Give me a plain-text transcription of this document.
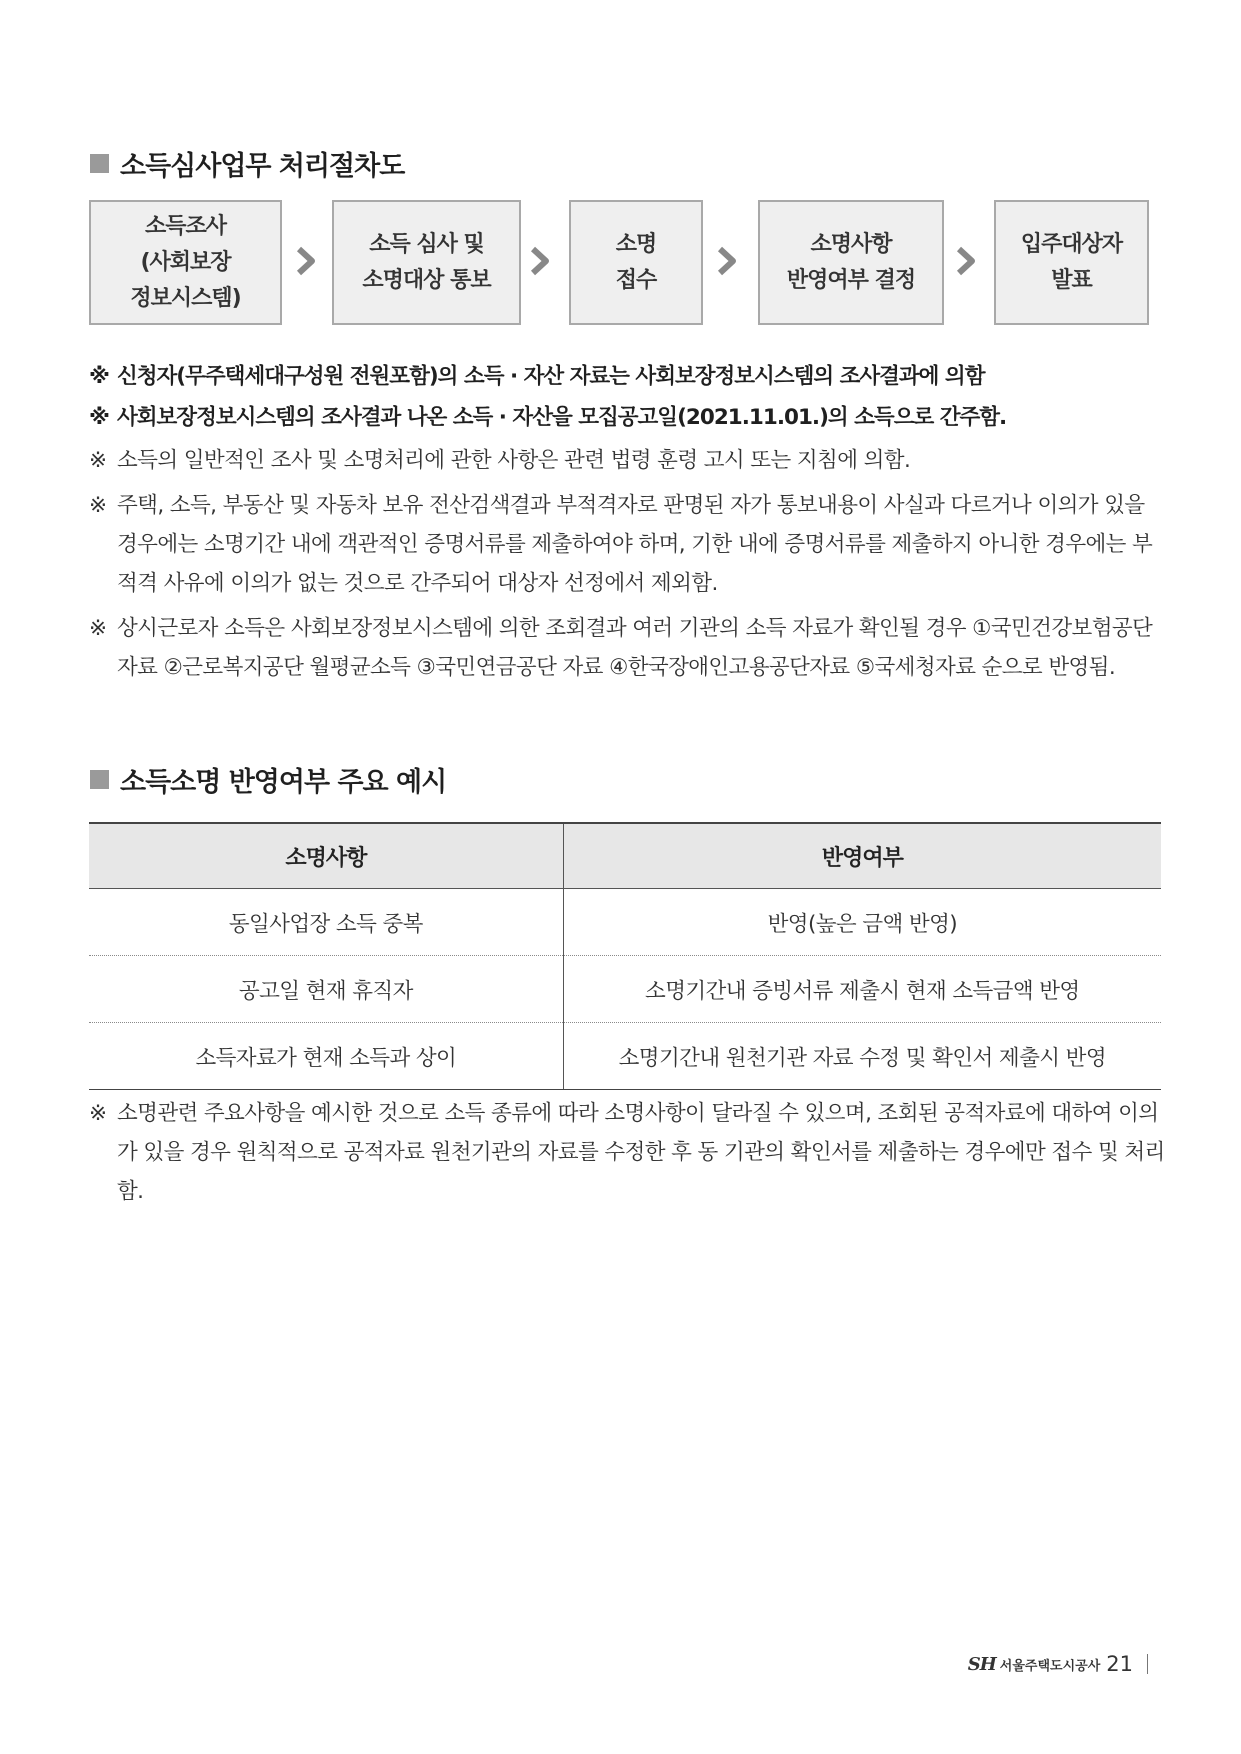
소득심사업무 처리절차도
소득조사
(사회보장
정보시스템)
소득 심사 및
소명대상 통보
소명
접수
소명사항
반영여부 결정
입주대상자
발표

※ 신청자(무주택세대구성원 전원포함)의 소득 · 자산 자료는 사회보장정보시스템의 조사결과에 의함

※ 사회보장정보시스템의 조사결과 나온 소득 · 자산을 모집공고일(2021.11.01.)의 소득으로 간주함.

※ 소득의 일반적인 조사 및 소명처리에 관한 사항은 관련 법령 훈령 고시 또는 지침에 의함.

※ 주택, 소득, 부동산 및 자동차 보유 전산검색결과 부적격자로 판명된 자가 통보내용이 사실과 다르거나 이의가 있을 경우에는 소명기간 내에 객관적인 증명서류를 제출하여야 하며, 기한 내에 증명서류를 제출하지 아니한 경우에는 부적격 사유에 이의가 없는 것으로 간주되어 대상자 선정에서 제외함.

※ 상시근로자 소득은 사회보장정보시스템에 의한 조회결과 여러 기관의 소득 자료가 확인될 경우 ①국민건강보험공단자료 ②근로복지공단 월평균소득 ③국민연금공단 자료 ④한국장애인고용공단자료 ⑤국세청자료 순으로 반영됨.

소득소명 반영여부 주요 예시
소명사항	반영여부
동일사업장 소득 중복	반영(높은 금액 반영)
공고일 현재 휴직자	소명기간내 증빙서류 제출시 현재 소득금액 반영
소득자료가 현재 소득과 상이	소명기간내 원천기관 자료 수정 및 확인서 제출시 반영

※ 소명관련 주요사항을 예시한 것으로 소득 종류에 따라 소명사항이 달라질 수 있으며, 조회된 공적자료에 대하여 이의가 있을 경우 원칙적으로 공적자료 원천기관의 자료를 수정한 후 동 기관의 확인서를 제출하는 경우에만 접수 및 처리함.

SH 서울주택도시공사 21
